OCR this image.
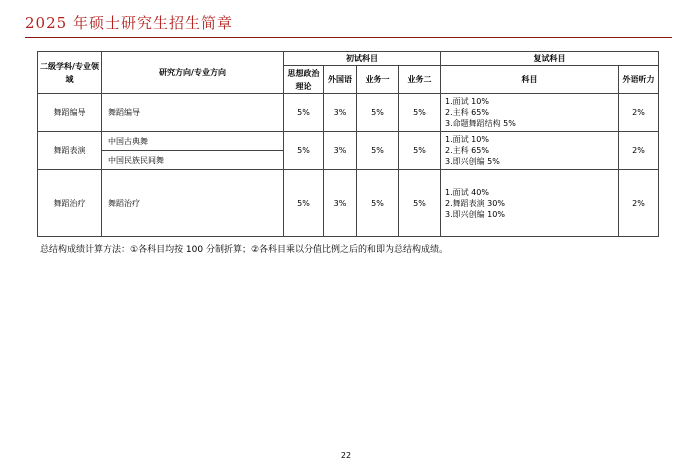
2025 年硕士研究生招生简章
二级学科/专业领域	研究方向/专业方向	初试科目				复试科目	
		思想政治理论	外国语	业务一	业务二	科目	外语听力
舞蹈编导	舞蹈编导	5%	3%	5%	5%	1.面试 10%
2.主科 65%
3.命题舞蹈结构 5%	2%
舞蹈表演	中国古典舞	5%	3%	5%	5%	1.面试 10%
2.主科 65%
3.即兴创编 5%	2%
	中国民族民间舞						
舞蹈治疗	舞蹈治疗	5%	3%	5%	5%	1.面试 40%
2.舞蹈表演 30%
3.即兴创编 10%	2%
总结构成绩计算方法：①各科目均按 100 分制折算；②各科目乘以分值比例之后的和即为总结构成绩。
22
